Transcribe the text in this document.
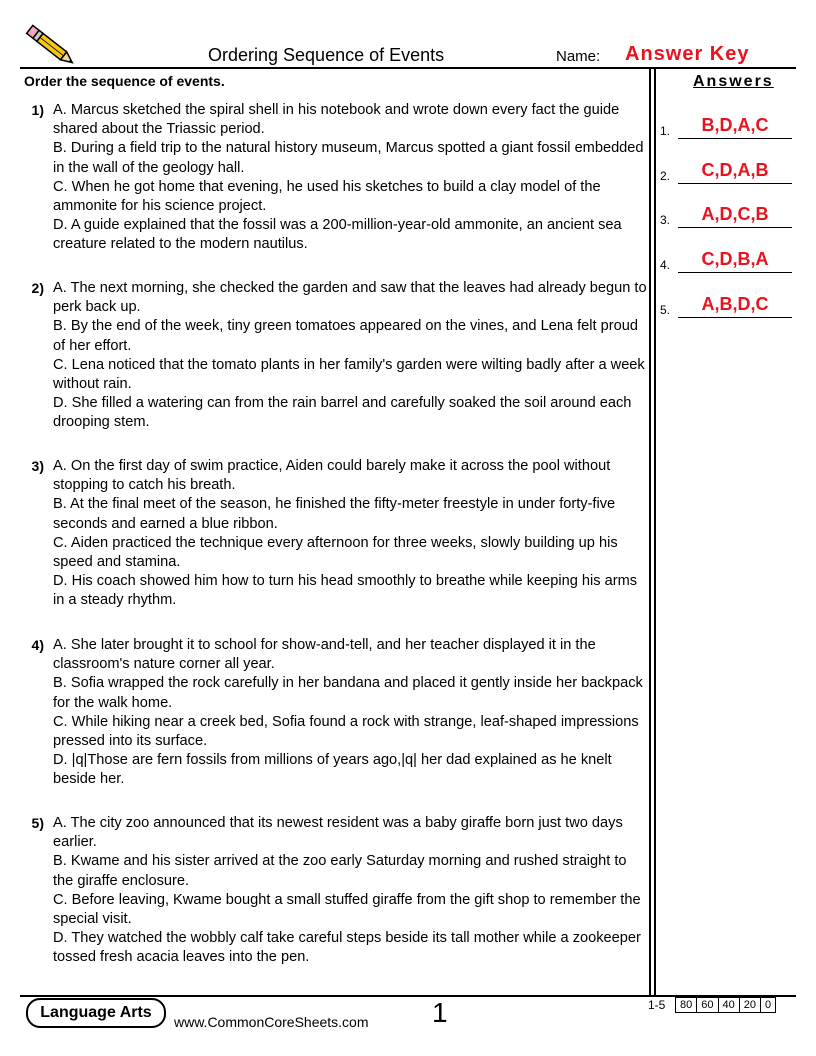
Ordering Sequence of Events	Name: Answer Key
Order the sequence of events.	Answers
1) A. Marcus sketched the spiral shell in his notebook and wrote down every fact the guide shared about the Triassic period.

B. During a field trip to the natural history museum, Marcus spotted a giant fossil embedded in the wall of the geology hall.

C. When he got home that evening, he used his sketches to build a clay model of the ammonite for his science project.

D. A guide explained that the fossil was a 200-million-year-old ammonite, an ancient sea creature related to the modern nautilus.

2) A. The next morning, she checked the garden and saw that the leaves had already begun to perk back up.

B. By the end of the week, tiny green tomatoes appeared on the vines, and Lena felt proud of her effort.

C. Lena noticed that the tomato plants in her family's garden were wilting badly after a week without rain.

D. She filled a watering can from the rain barrel and carefully soaked the soil around each drooping stem.

3) A. On the first day of swim practice, Aiden could barely make it across the pool without stopping to catch his breath.

B. At the final meet of the season, he finished the fifty-meter freestyle in under forty-five seconds and earned a blue ribbon.

C. Aiden practiced the technique every afternoon for three weeks, slowly building up his speed and stamina.

D. His coach showed him how to turn his head smoothly to breathe while keeping his arms in a steady rhythm.

4) A. She later brought it to school for show-and-tell, and her teacher displayed it in the classroom's nature corner all year.

B. Sofia wrapped the rock carefully in her bandana and placed it gently inside her backpack for the walk home.

C. While hiking near a creek bed, Sofia found a rock with strange, leaf-shaped impressions pressed into its surface.

D. |q|Those are fern fossils from millions of years ago,|q| her dad explained as he knelt beside her.

5) A. The city zoo announced that its newest resident was a baby giraffe born just two days earlier.

B. Kwame and his sister arrived at the zoo early Saturday morning and rushed straight to the giraffe enclosure.

C. Before leaving, Kwame bought a small stuffed giraffe from the gift shop to remember the special visit.

D. They watched the wobbly calf take careful steps beside its tall mother while a zookeeper tossed fresh acacia leaves into the pen.

1.	B,D,A,C
2.	C,D,A,B
3.	A,D,C,B
4.	C,D,B,A
5.	A,B,D,C
Language Arts
www.CommonCoreSheets.com 1	1-5 80	60	40	20	0
